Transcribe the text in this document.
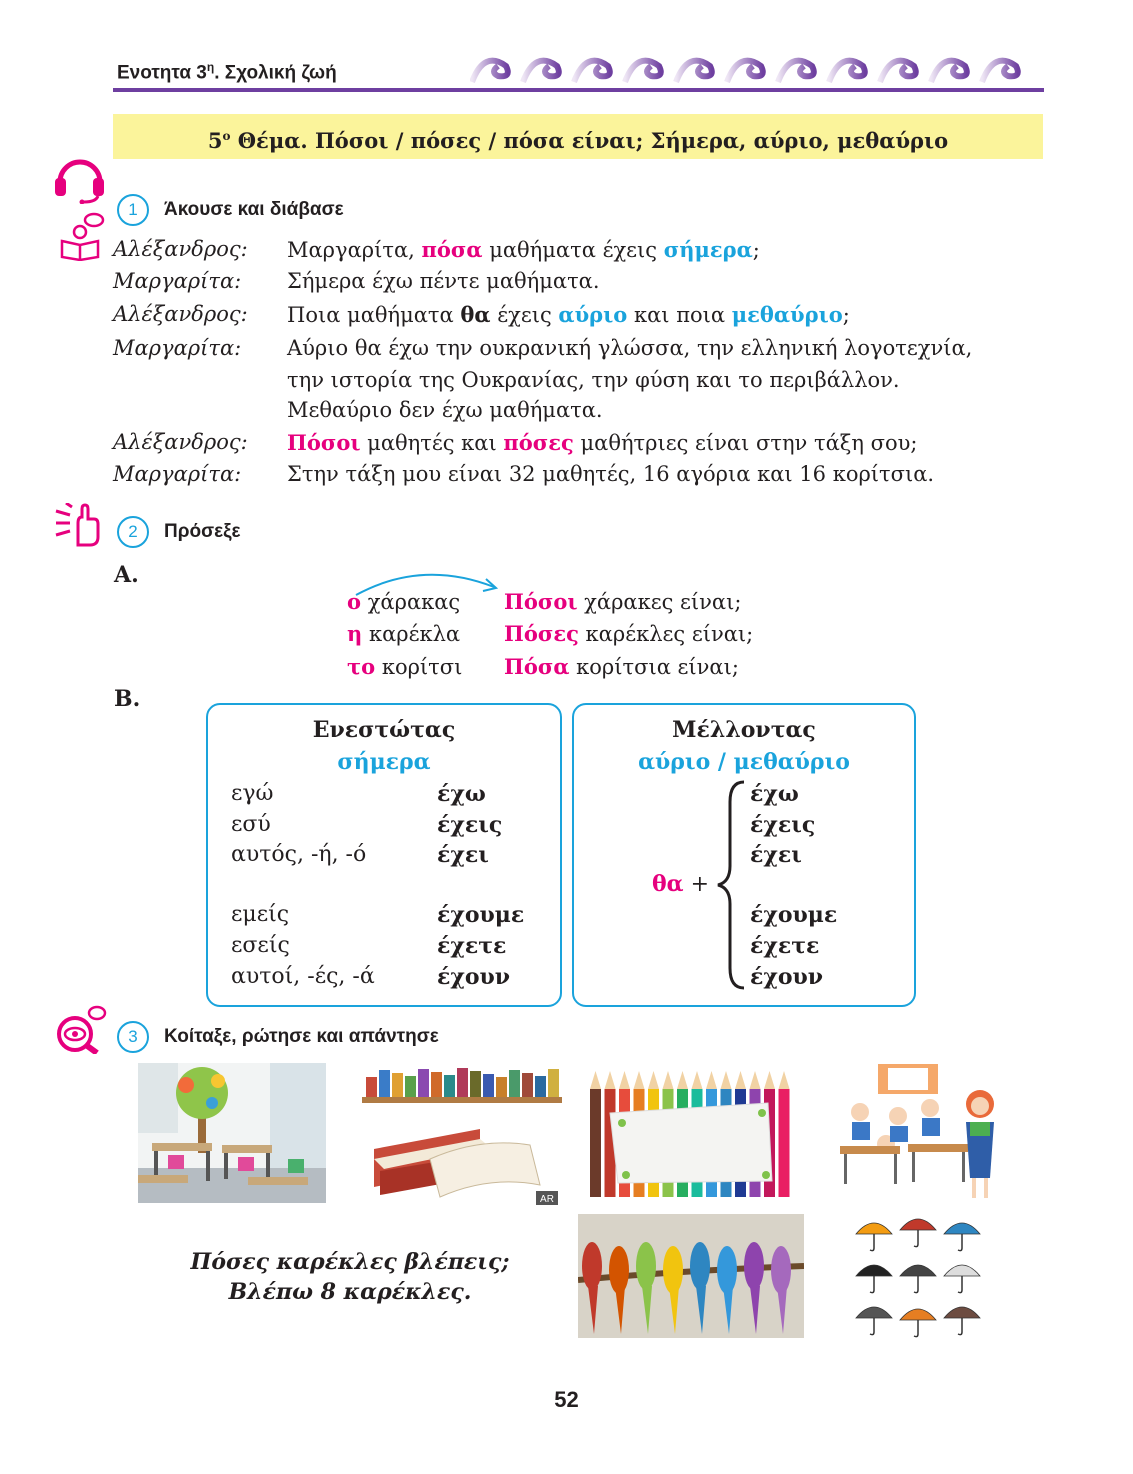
Ενοτητα $3^\eta$. Σχολική ζωή
$5^o$ Θέμα. Πόσοι / πόσες / πόσα είναι; Σήμερα, αύριο, μεθαύριο
1	Άκουσε και διάβασε
Αλέξανδρος: Μαργαρίτα, πόσα μαθήματα έχεις σήμερα;
Μαργαρίτα: Σήμερα έχω πέντε μαθήματα.
Αλέξανδρος: Ποια μαθήματα θα έχεις αύριο και ποια μεθαύριο;
Μαργαρίτα: Αύριο θα έχω την ουκρανική γλώσσα, την ελληνική λογοτεχνία,
την ιστορία της Ουκρανίας, την φύση και το περιβάλλον.
Μεθαύριο δεν έχω μαθήματα.
Αλέξανδρος: Πόσοι μαθητές και πόσες μαθήτριες είναι στην τάξη σου;
Μαργαρίτα: Στην τάξη μου είναι 32 μαθητές, 16 αγόρια και 16 κορίτσια.
2	Πρόσεξε
Α.
ο χάρακας Πόσοι χάρακες είναι;
η καρέκλα Πόσες καρέκλες είναι;
το κορίτσι Πόσα κορίτσια είναι;
Β.
Ενεστώτας
σήμερα
εγώ	έχω
εσύ	έχεις
αυτός, -ή, -ό	έχει
εμείς	έχουμε
εσείς	έχετε
αυτοί, -ές, -ά	έχουν
Μέλλοντας
αύριο / μεθαύριο
θα +
έχω
έχεις
έχει
έχουμε
έχετε
έχουν
3	Κοίταξε, ρώτησε και απάντησε
AR
Πόσες καρέκλες βλέπεις;
Βλέπω 8 καρέκλες.
52
